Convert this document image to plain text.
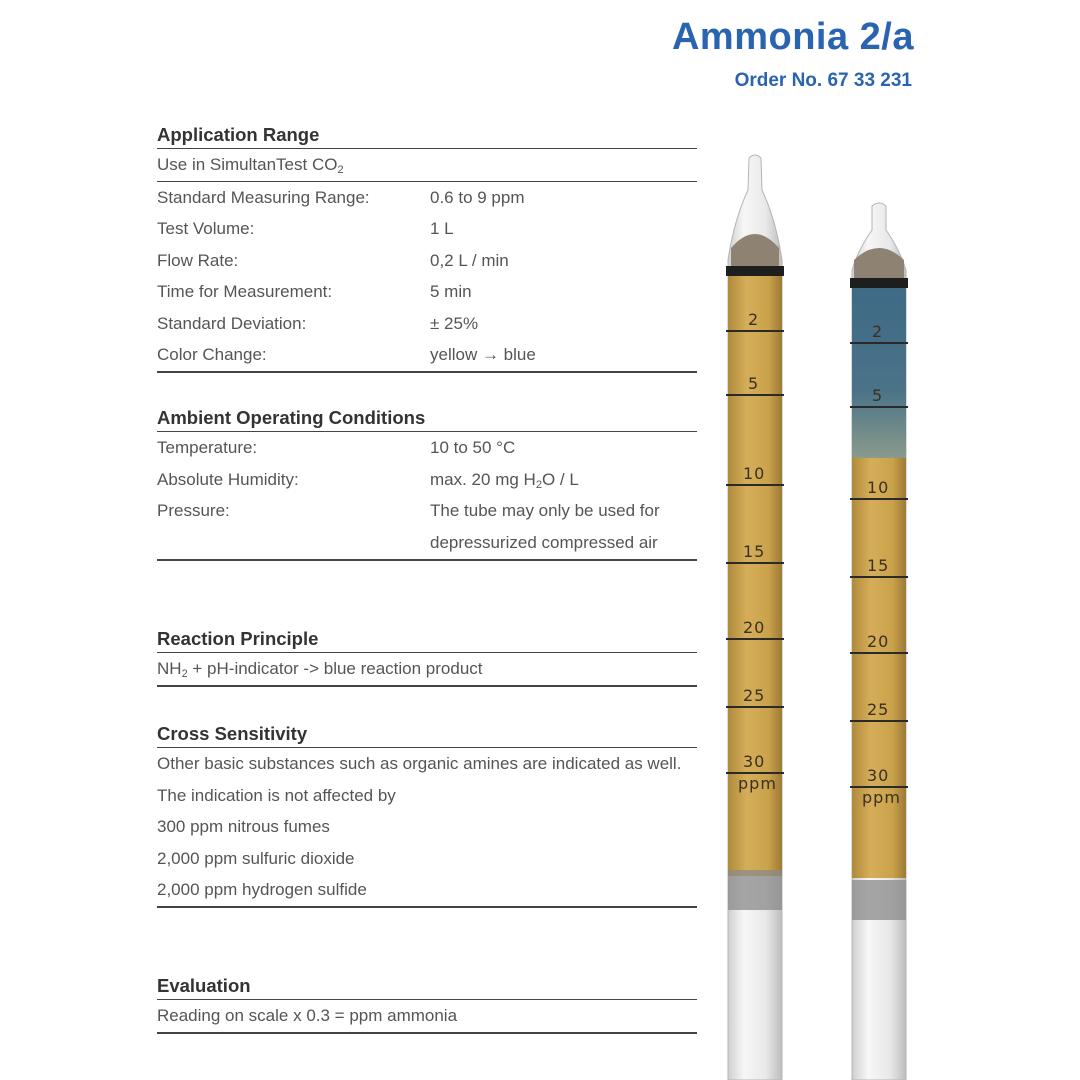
Ammonia 2/a
Order No. 67 33 231
Application Range
Use in SimultanTest $CO_2$
Standard Measuring Range:	0.6 to 9 ppm
Test Volume:	1 L
Flow Rate:	0,2 L / min
Time for Measurement:	5 min
Standard Deviation:	± 25%
Color Change:	yellow → blue
Ambient Operating Conditions
Temperature:	10 to 50 °C
Absolute Humidity:	max. 20 mg $H_2O$ / L
Pressure:	The tube may only be used for depressurized compressed air
Reaction Principle
$NH_2$ + pH-indicator -> blue reaction product
Cross Sensitivity
Other basic substances such as organic amines are indicated as well.
The indication is not affected by
300 ppm nitrous fumes
2,000 ppm sulfuric dioxide
2,000 ppm hydrogen sulfide
Evaluation
Reading on scale x 0.3 = ppm ammonia
2
5
10
15
20
25
30
ppm
2
5
10
15
20
25
30
ppm
